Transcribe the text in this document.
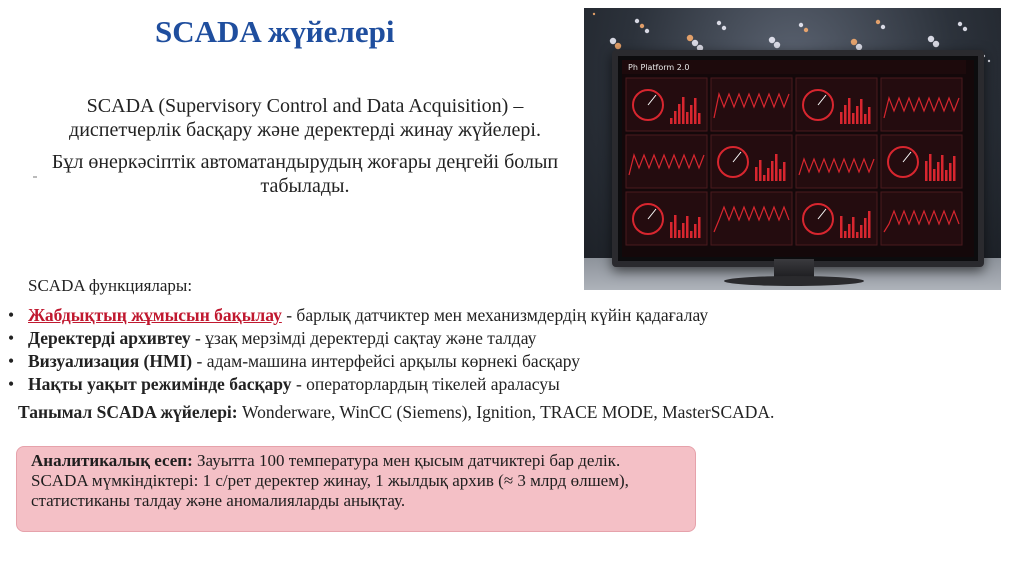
SCADA жүйелері

SCADA (Supervisory Control and Data Acquisition) – диспетчерлік басқару және деректерді жинау жүйелері.

Бұл өнеркәсіптік автоматандырудың жоғары деңгейі болып табылады.

Ph Platform 2.0
SCADA функциялары:
• Жабдықтың жұмысын бақылау - барлық датчиктер мен механизмдердің күйін қадағалау
• Деректерді архивтеу - ұзақ мерзімді деректерді сақтау және талдау
• Визуализация (HMI) - адам-машина интерфейсі арқылы көрнекі басқару
• Нақты уақыт режимінде басқару - операторлардың тікелей араласуы
Танымал SCADA жүйелері: Wonderware, WinCC (Siemens), Ignition, TRACE MODE, MasterSCADA.
Аналитикалық есеп: Зауытта 100 температура мен қысым датчиктері бар делік.
SCADA мүмкіндіктері: 1 с/рет деректер жинау, 1 жылдық архив (≈ 3 млрд өлшем), статистиканы талдау және аномалияларды анықтау.
